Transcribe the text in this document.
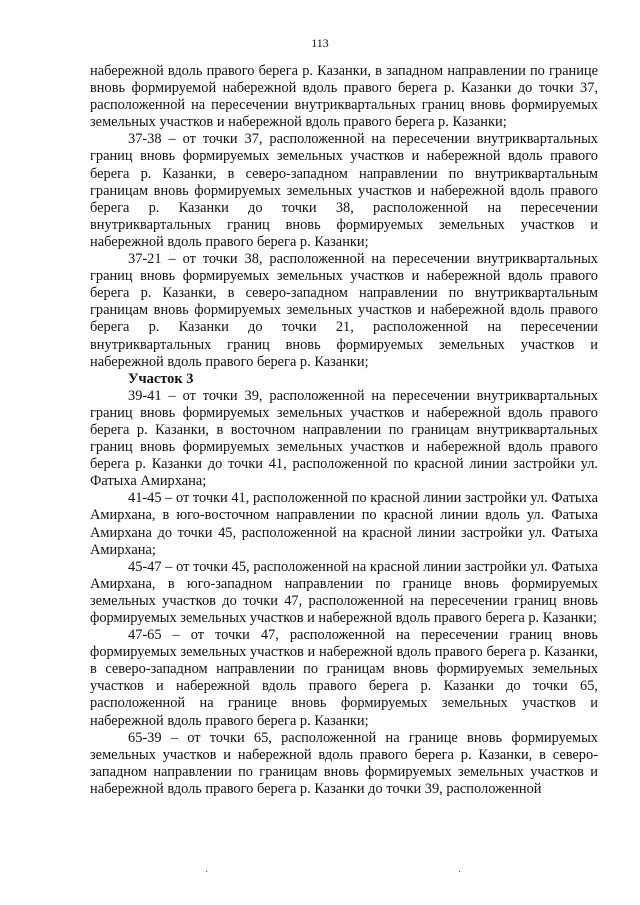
113

набережной вдоль правого берега р. Казанки, в западном направлении по границе вновь формируемой набережной вдоль правого берега р. Казанки до точки 37, расположенной на пересечении внутриквартальных границ вновь формируемых земельных участков и набережной вдоль правого берега р. Казанки;

37-38 – от точки 37, расположенной на пересечении внутриквартальных границ вновь формируемых земельных участков и набережной вдоль правого берега р. Казанки, в северо-западном направлении по внутриквартальным границам вновь формируемых земельных участков и набережной вдоль правого берега р. Казанки до точки 38, расположенной на пересечении внутриквартальных границ вновь формируемых земельных участков и набережной вдоль правого берега р. Казанки;

37-21 – от точки 38, расположенной на пересечении внутриквартальных границ вновь формируемых земельных участков и набережной вдоль правого берега р. Казанки, в северо-западном направлении по внутриквартальным границам вновь формируемых земельных участков и набережной вдоль правого берега р. Казанки до точки 21, расположенной на пересечении внутриквартальных границ вновь формируемых земельных участков и набережной вдоль правого берега р. Казанки;

Участок 3

39-41 – от точки 39, расположенной на пересечении внутриквартальных границ вновь формируемых земельных участков и набережной вдоль правого берега р. Казанки, в восточном направлении по границам внутриквартальных границ вновь формируемых земельных участков и набережной вдоль правого берега р. Казанки до точки 41, расположенной по красной линии застройки ул. Фатыха Амирхана;

41-45 – от точки 41, расположенной по красной линии застройки ул. Фатыха Амирхана, в юго-восточном направлении по красной линии вдоль ул. Фатыха Амирхана до точки 45, расположенной на красной линии застройки ул. Фатыха Амирхана;

45-47 – от точки 45, расположенной на красной линии застройки ул. Фатыха Амирхана, в юго-западном направлении по границе вновь формируемых земельных участков до точки 47, расположенной на пересечении границ вновь формируемых земельных участков и набережной вдоль правого берега р. Казанки;

47-65 – от точки 47, расположенной на пересечении границ вновь формируемых земельных участков и набережной вдоль правого берега р. Казанки, в северо-западном направлении по границам вновь формируемых земельных участков и набережной вдоль правого берега р. Казанки до точки 65, расположенной на границе вновь формируемых земельных участков и набережной вдоль правого берега р. Казанки;

65-39 – от точки 65, расположенной на границе вновь формируемых земельных участков и набережной вдоль правого берега р. Казанки, в северо-западном направлении по границам вновь формируемых земельных участков и набережной вдоль правого берега р. Казанки до точки 39, расположенной

·	·
